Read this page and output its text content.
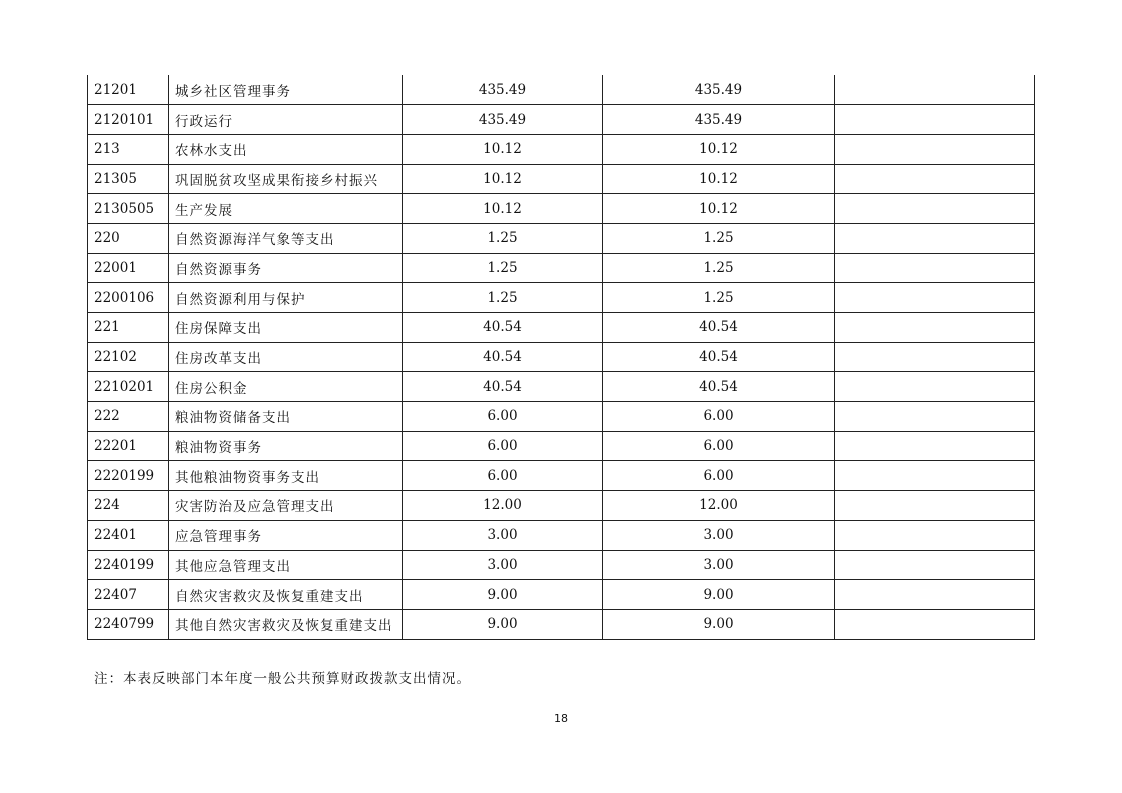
21201	城乡社区管理事务	435.49	435.49	
2120101	行政运行	435.49	435.49	
213	农林水支出	10.12	10.12	
21305	巩固脱贫攻坚成果衔接乡村振兴	10.12	10.12	
2130505	生产发展	10.12	10.12	
220	自然资源海洋气象等支出	1.25	1.25	
22001	自然资源事务	1.25	1.25	
2200106	自然资源利用与保护	1.25	1.25	
221	住房保障支出	40.54	40.54	
22102	住房改革支出	40.54	40.54	
2210201	住房公积金	40.54	40.54	
222	粮油物资储备支出	6.00	6.00	
22201	粮油物资事务	6.00	6.00	
2220199	其他粮油物资事务支出	6.00	6.00	
224	灾害防治及应急管理支出	12.00	12.00	
22401	应急管理事务	3.00	3.00	
2240199	其他应急管理支出	3.00	3.00	
22407	自然灾害救灾及恢复重建支出	9.00	9.00	
2240799	其他自然灾害救灾及恢复重建支出	9.00	9.00	
注：本表反映部门本年度一般公共预算财政拨款支出情况。
18
